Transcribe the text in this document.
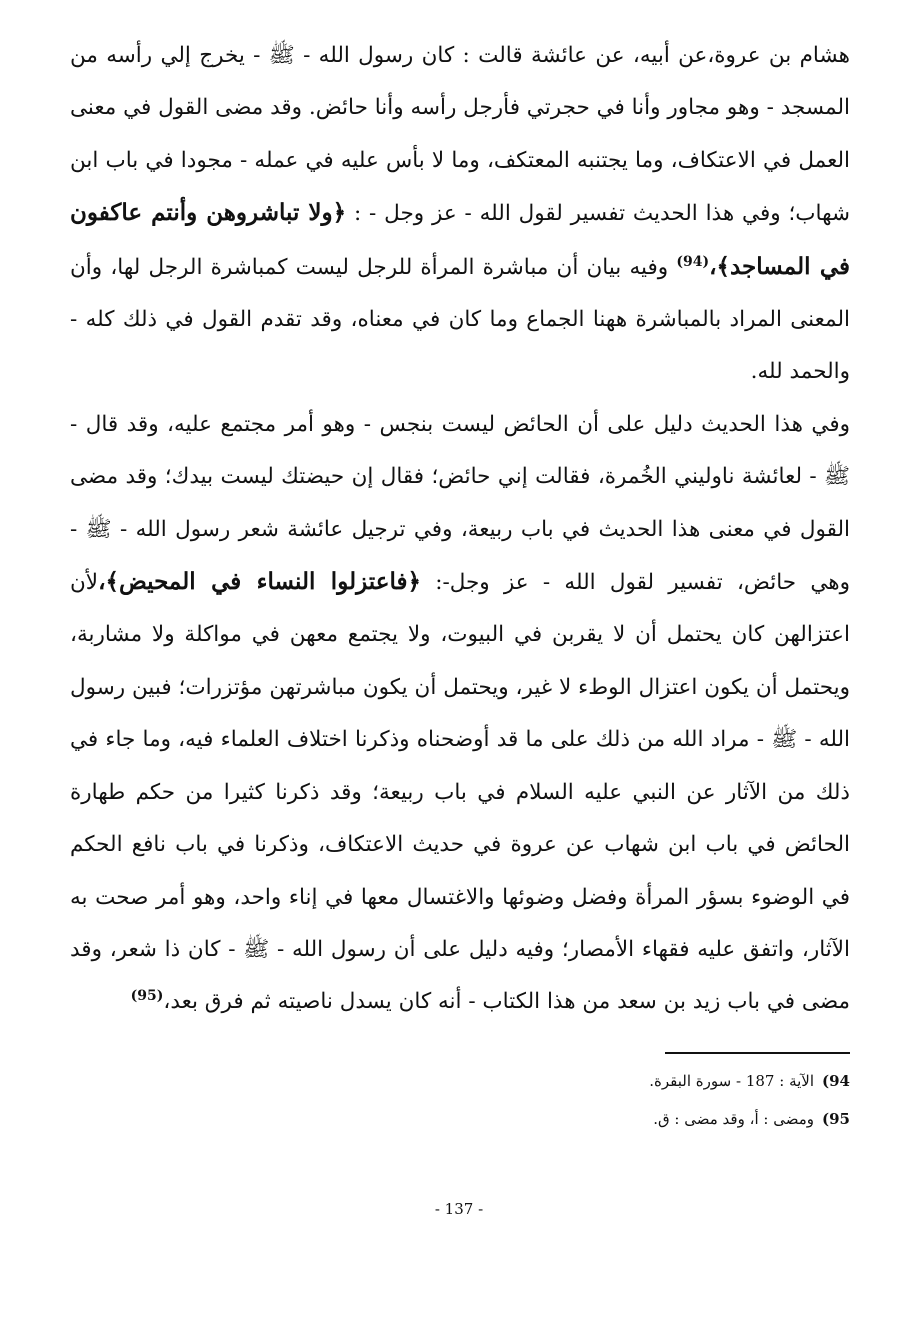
هشام بن عروة،عن أبيه، عن عائشة قالت : كان رسول الله - ﷺ - يخرج إلي رأسه من المسجد - وهو مجاور وأنا في حجرتي فأرجل رأسه وأنا حائض. وقد مضى القول في معنى العمل في الاعتكاف، وما يجتنبه المعتكف، وما لا بأس عليه في عمله - مجودا في باب ابن شهاب؛ وفي هذا الحديث تفسير لقول الله - عز وجل - : ﴿ولا تباشروهن وأنتم عاكفون في المساجد﴾،$^{(94)}$ وفيه بيان أن مباشرة المرأة للرجل ليست كمباشرة الرجل لها، وأن المعنى المراد بالمباشرة ههنا الجماع وما كان في معناه، وقد تقدم القول في ذلك كله - والحمد لله.

وفي هذا الحديث دليل على أن الحائض ليست بنجس - وهو أمر مجتمع عليه، وقد قال - ﷺ - لعائشة ناوليني الخُمرة، فقالت إني حائض؛ فقال إن حيضتك ليست بيدك؛ وقد مضى القول في معنى هذا الحديث في باب ربيعة، وفي ترجيل عائشة شعر رسول الله - ﷺ - وهي حائض، تفسير لقول الله - عز وجل-: ﴿فاعتزلوا النساء في المحيض﴾،لأن اعتزالهن كان يحتمل أن لا يقربن في البيوت، ولا يجتمع معهن في مواكلة ولا مشاربة، ويحتمل أن يكون اعتزال الوطء لا غير، ويحتمل أن يكون مباشرتهن مؤتزرات؛ فبين رسول الله - ﷺ - مراد الله من ذلك على ما قد أوضحناه وذكرنا اختلاف العلماء فيه، وما جاء في ذلك من الآثار عن النبي عليه السلام في باب ربيعة؛ وقد ذكرنا كثيرا من حكم طهارة الحائض في باب ابن شهاب عن عروة في حديث الاعتكاف، وذكرنا في باب نافع الحكم في الوضوء بسؤر المرأة وفضل وضوئها والاغتسال معها في إناء واحد، وهو أمر صحت به الآثار، واتفق عليه فقهاء الأمصار؛ وفيه دليل على أن رسول الله - ﷺ - كان ذا شعر، وقد مضى في باب زيد بن سعد من هذا الكتاب - أنه كان يسدل ناصيته ثم فرق بعد،$^{(95)}$

94)الآية : 187 - سورة البقرة.
95)ومضى : أ، وقد مضى : ق.
- 137 -
